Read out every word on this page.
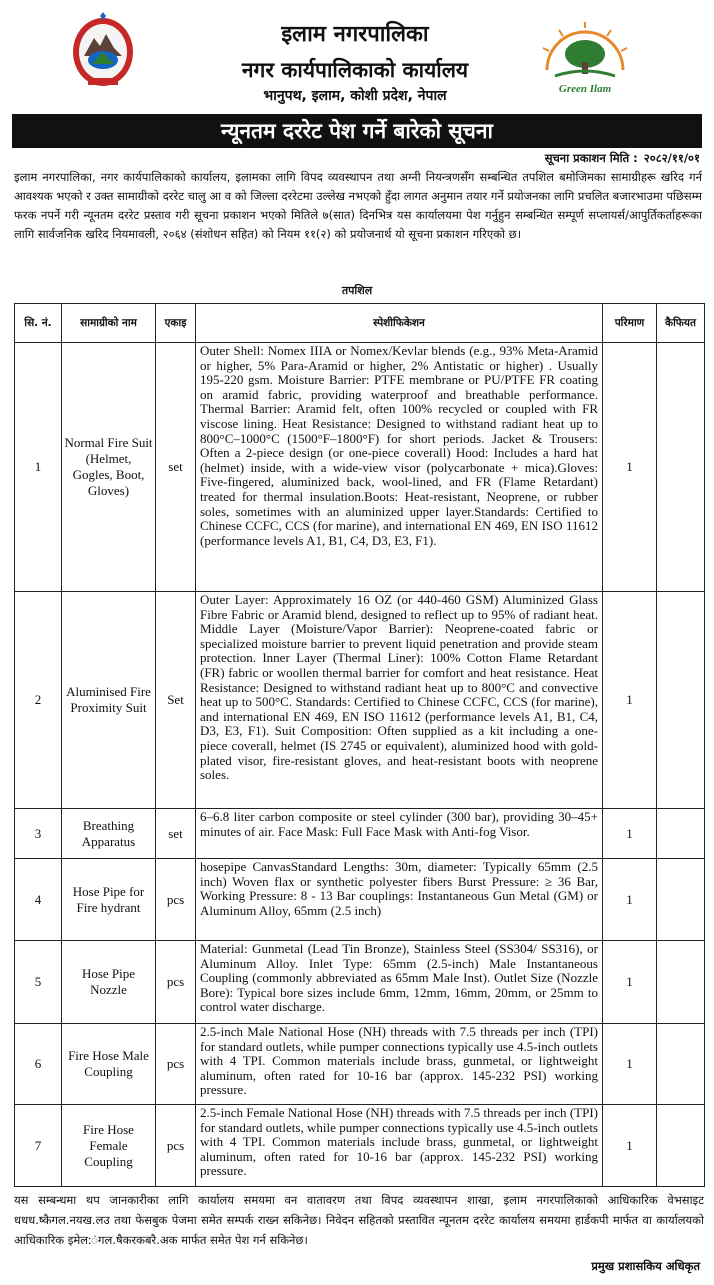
इलाम नगरपालिका
नगर कार्यपालिकाको कार्यालय
भानुपथ, इलाम, कोशी प्रदेश, नेपाल	Green Ilam
न्यूनतम दररेट पेश गर्ने बारेको सूचना
सूचना प्रकाशन मिति : २०८२/११/०१
इलाम नगरपालिका, नगर कार्यपालिकाको कार्यालय, इलामका लागि विपद व्यवस्थापन तथा अग्नी नियन्त्रणसँग सम्बन्धित तपशिल बमोजिमका सामाग्रीहरू खरिद गर्न आवश्यक भएको र उक्त सामाग्रीको दररेट चालु आ व को जिल्ला दररेटमा उल्लेख नभएको हुँदा लागत अनुमान तयार गर्ने प्रयोजनका लागि प्रचलित बजारभाउमा पछिसम्म फरक नपर्ने गरी न्यूनतम दररेट प्रस्ताव गरी सूचना प्रकाशन भएको मितिले ७(सात) दिनभित्र यस कार्यालयमा पेश गर्नुहुन सम्बन्धित सम्पूर्ण सप्लायर्स/आपुर्तिकर्ताहरूका लागि सार्वजनिक खरिद नियमावली, २०६४ (संशोधन सहित) को नियम ११(२) को प्रयोजनार्थ यो सूचना प्रकाशन गरिएको छ।
तपशिल
सि. नं.	सामाग्रीको नाम	एकाइ	स्पेशीफिकेशन	परिमाण	कैफियत
1	Normal Fire Suit (Helmet, Gogles, Boot, Gloves)	set	Outer Shell: Nomex IIIA or Nomex/Kevlar blends (e.g., 93% Meta-Aramid or higher, 5% Para-Aramid or higher, 2% Antistatic or higher) . Usually 195-220 gsm. Moisture Barrier: PTFE membrane or PU/PTFE FR coating on aramid fabric, providing waterproof and breathable performance. Thermal Barrier: Aramid felt, often 100% recycled or coupled with FR viscose lining. Heat Resistance: Designed to withstand radiant heat up to 800°C–1000°C (1500°F–1800°F) for short periods. Jacket & Trousers: Often a 2-piece design (or one-piece coverall) Hood: Includes a hard hat (helmet) inside, with a wide-view visor (polycarbonate + mica).Gloves: Five-fingered, aluminized back, wool-lined, and FR (Flame Retardant) treated for thermal insulation.Boots: Heat-resistant, Neoprene, or rubber soles, sometimes with an aluminized upper layer.Standards: Certified to Chinese CCFC, CCS (for marine), and international EN 469, EN ISO 11612 (performance levels A1, B1, C4, D3, E3, F1).	1	
2	Aluminised Fire Proximity Suit	Set	Outer Layer: Approximately 16 OZ (or 440-460 GSM) Aluminized Glass Fibre Fabric or Aramid blend, designed to reflect up to 95% of radiant heat. Middle Layer (Moisture/Vapor Barrier): Neoprene-coated fabric or specialized moisture barrier to prevent liquid penetration and provide steam protection. Inner Layer (Thermal Liner): 100% Cotton Flame Retardant (FR) fabric or woollen thermal barrier for comfort and heat resistance. Heat Resistance: Designed to withstand radiant heat up to 800°C and convective heat up to 500°C. Standards: Certified to Chinese CCFC, CCS (for marine), and international EN 469, EN ISO 11612 (performance levels A1, B1, C4, D3, E3, F1). Suit Composition: Often supplied as a kit including a one-piece coverall, helmet (IS 2745 or equivalent), aluminized hood with gold-plated visor, fire-resistant gloves, and heat-resistant boots with neoprene soles.	1	
3	Breathing Apparatus	set	6–6.8 liter carbon composite or steel cylinder (300 bar), providing 30–45+ minutes of air. Face Mask: Full Face Mask with Anti-fog Visor.	1	
4	Hose Pipe for Fire hydrant	pcs	hosepipe CanvasStandard Lengths: 30m, diameter: Typically 65mm (2.5 inch) Woven flax or synthetic polyester fibers Burst Pressure: ≥ 36 Bar, Working Pressure: 8 - 13 Bar couplings: Instantaneous Gun Metal (GM) or Aluminum Alloy, 65mm (2.5 inch)	1	
5	Hose Pipe Nozzle	pcs	Material: Gunmetal (Lead Tin Bronze), Stainless Steel (SS304/ SS316), or Aluminum Alloy. Inlet Type: 65mm (2.5-inch) Male Instantaneous Coupling (commonly abbreviated as 65mm Male Inst). Outlet Size (Nozzle Bore): Typical bore sizes include 6mm, 12mm, 16mm, 20mm, or 25mm to control water discharge.	1	
6	Fire Hose Male Coupling	pcs	2.5-inch Male National Hose (NH) threads with 7.5 threads per inch (TPI) for standard outlets, while pumper connections typically use 4.5-inch outlets with 4 TPI. Common materials include brass, gunmetal, or lightweight aluminum, often rated for 10-16 bar (approx. 145-232 PSI) working pressure.	1	
7	Fire Hose Female Coupling	pcs	2.5-inch Female National Hose (NH) threads with 7.5 threads per inch (TPI) for standard outlets, while pumper connections typically use 4.5-inch outlets with 4 TPI. Common materials include brass, gunmetal, or lightweight aluminum, often rated for 10-16 bar (approx. 145-232 PSI) working pressure.	1	
यस सम्बन्धमा थप जानकारीका लागि कार्यालय समयमा वन वातावरण तथा विपद व्यवस्थापन शाखा, इलाम नगरपालिकाको आधिकारिक वेभसाइट धधध.ष्कैगल.नयख.लउ तथा फेसबुक पेजमा समेत सम्पर्क राख्न सकिनेछ। निवेदन सहितको प्रस्तावित न्यूनतम दररेट कार्यालय समयमा हार्डकपी मार्फत वा कार्यालयको आधिकारिक इमेल:ंगल.षैकरकबरै.अक मार्फत समेत पेश गर्न सकिनेछ।
प्रमुख प्रशासकिय अधिकृत
